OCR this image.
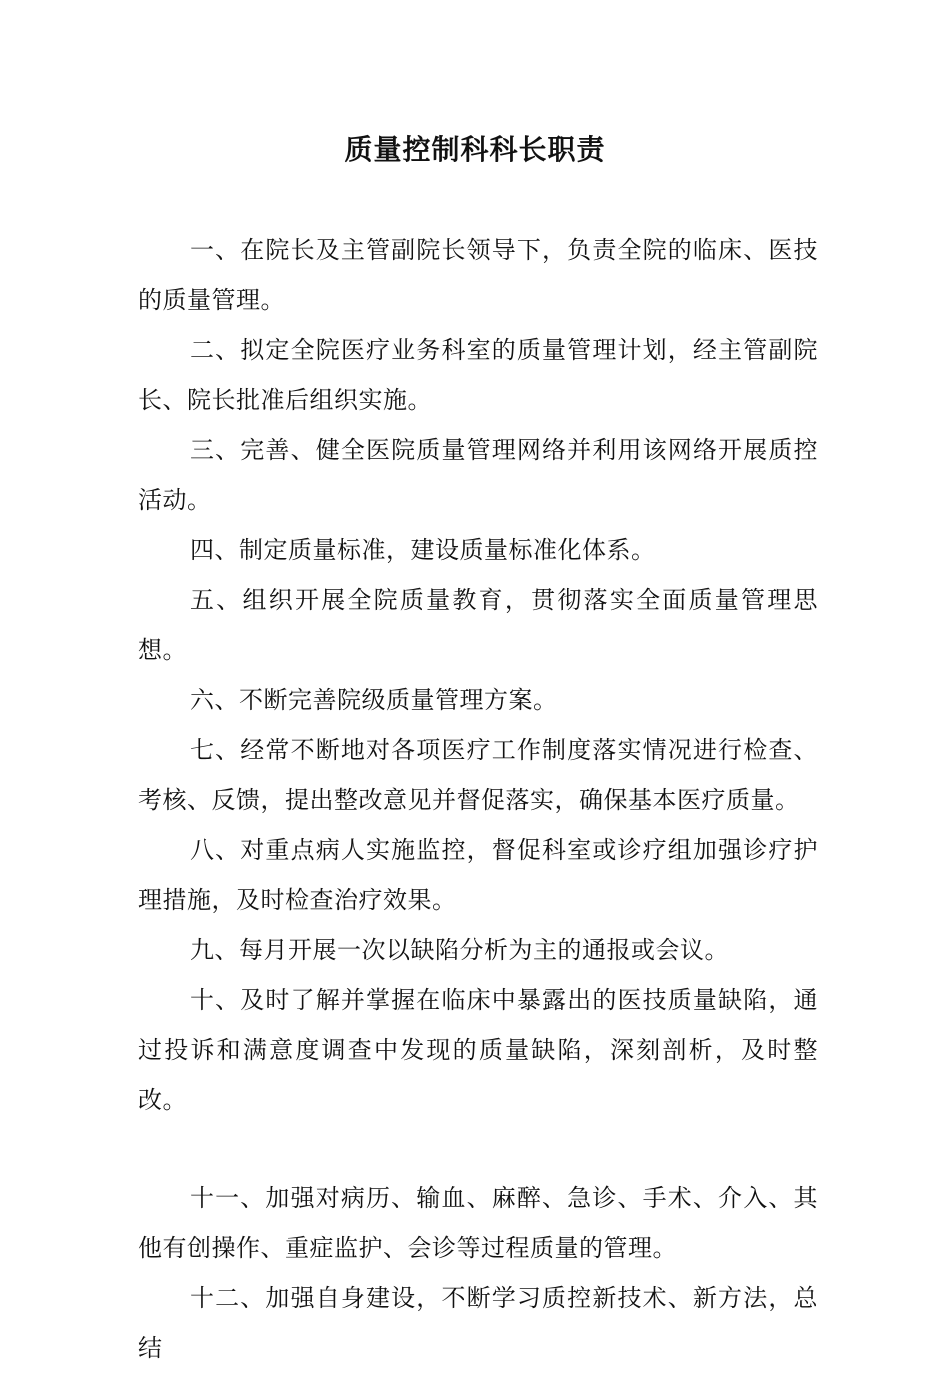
质量控制科科长职责

一、在院长及主管副院长领导下，负责全院的临床、医技的质量管理。

二、拟定全院医疗业务科室的质量管理计划，经主管副院长、院长批准后组织实施。

三、完善、健全医院质量管理网络并利用该网络开展质控活动。

四、制定质量标准，建设质量标准化体系。

五、组织开展全院质量教育，贯彻落实全面质量管理思想。

六、不断完善院级质量管理方案。

七、经常不断地对各项医疗工作制度落实情况进行检查、考核、反馈，提出整改意见并督促落实，确保基本医疗质量。

八、对重点病人实施监控，督促科室或诊疗组加强诊疗护理措施，及时检查治疗效果。

九、每月开展一次以缺陷分析为主的通报或会议。

十、及时了解并掌握在临床中暴露出的医技质量缺陷，通过投诉和满意度调查中发现的质量缺陷，深刻剖析，及时整改。

十一、加强对病历、输血、麻醉、急诊、手术、介入、其他有创操作、重症监护、会诊等过程质量的管理。

十二、加强自身建设，不断学习质控新技术、新方法，总结
